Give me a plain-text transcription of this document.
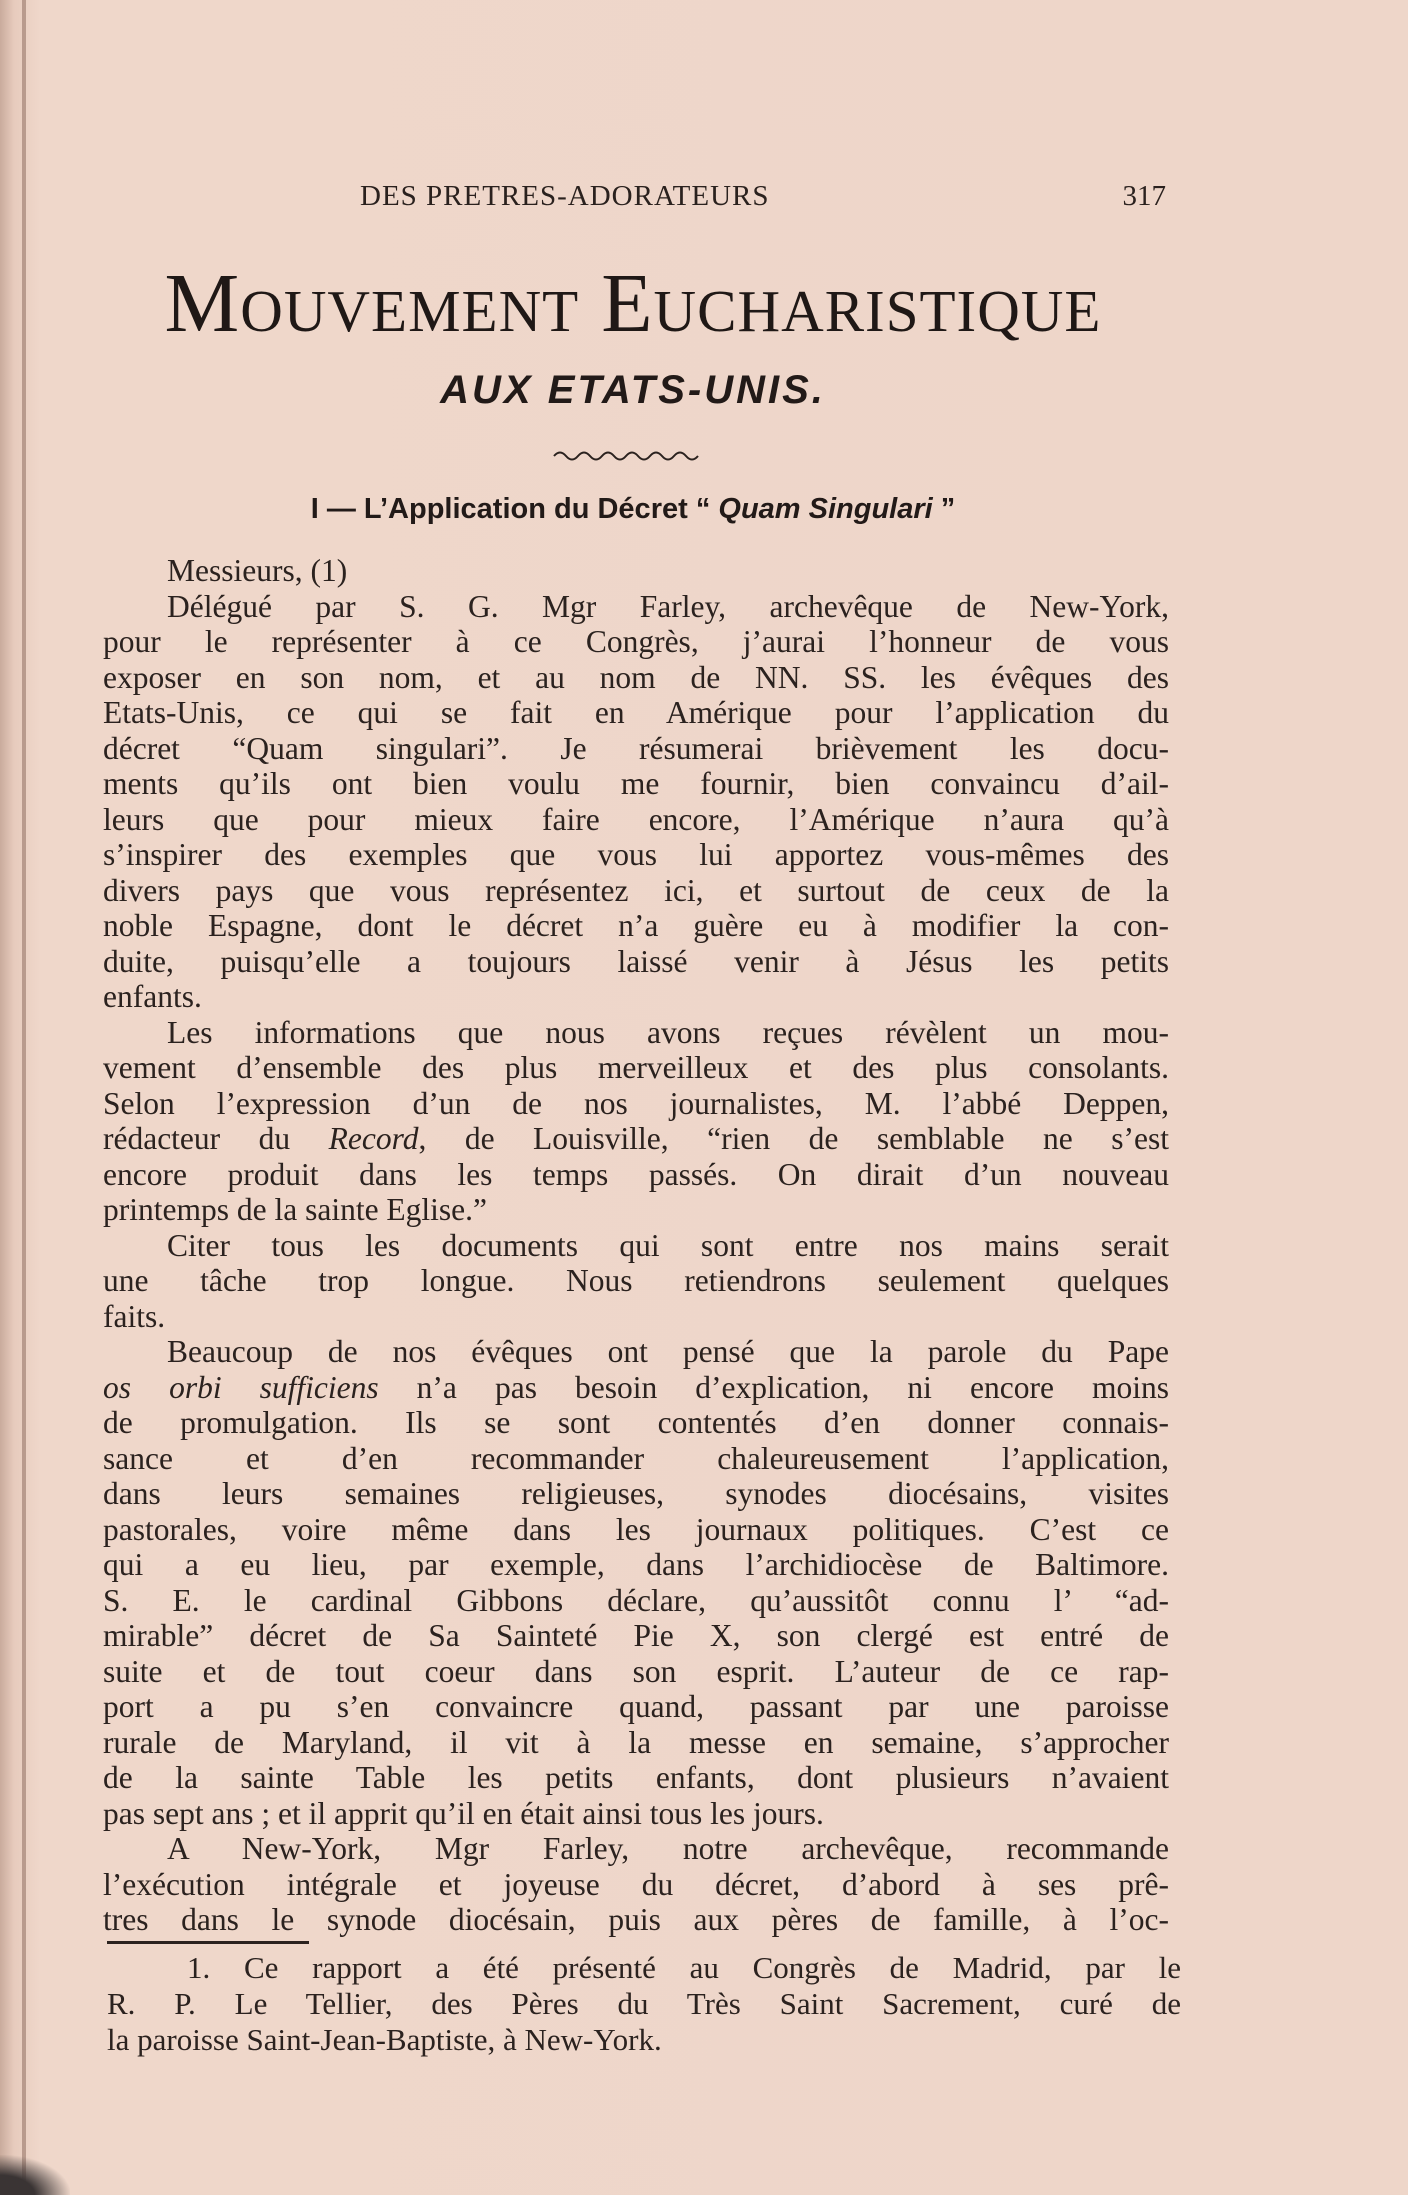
DES PRETRES-ADORATEURS	317
Mouvement Eucharistique
AUX ETATS-UNIS.
I — L’Application du Décret “ Quam Singulari ”
Messieurs, (1)
Délégué par S. G. Mgr Farley, archevêque de New-York,
pour le représenter à ce Congrès, j’aurai l’honneur de vous
exposer en son nom, et au nom de NN. SS. les évêques des
Etats-Unis, ce qui se fait en Amérique pour l’application du
décret “Quam singulari”. Je résumerai brièvement les docu-
ments qu’ils ont bien voulu me fournir, bien convaincu d’ail-
leurs que pour mieux faire encore, l’Amérique n’aura qu’à
s’inspirer des exemples que vous lui apportez vous-mêmes des
divers pays que vous représentez ici, et surtout de ceux de la
noble Espagne, dont le décret n’a guère eu à modifier la con-
duite, puisqu’elle a toujours laissé venir à Jésus les petits
enfants.
Les informations que nous avons reçues révèlent un mou-
vement d’ensemble des plus merveilleux et des plus consolants.
Selon l’expression d’un de nos journalistes, M. l’abbé Deppen,
rédacteur du Record, de Louisville, “rien de semblable ne s’est
encore produit dans les temps passés. On dirait d’un nouveau
printemps de la sainte Eglise.”
Citer tous les documents qui sont entre nos mains serait
une tâche trop longue. Nous retiendrons seulement quelques
faits.
Beaucoup de nos évêques ont pensé que la parole du Pape
os orbi sufficiens n’a pas besoin d’explication, ni encore moins
de promulgation. Ils se sont contentés d’en donner connais-
sance et d’en recommander chaleureusement l’application,
dans leurs semaines religieuses, synodes diocésains, visites
pastorales, voire même dans les journaux politiques. C’est ce
qui a eu lieu, par exemple, dans l’archidiocèse de Baltimore.
S. E. le cardinal Gibbons déclare, qu’aussitôt connu l’ “ad-
mirable” décret de Sa Sainteté Pie X, son clergé est entré de
suite et de tout coeur dans son esprit. L’auteur de ce rap-
port a pu s’en convaincre quand, passant par une paroisse
rurale de Maryland, il vit à la messe en semaine, s’approcher
de la sainte Table les petits enfants, dont plusieurs n’avaient
pas sept ans ; et il apprit qu’il en était ainsi tous les jours.
A New-York, Mgr Farley, notre archevêque, recommande
l’exécution intégrale et joyeuse du décret, d’abord à ses prê-
tres dans le synode diocésain, puis aux pères de famille, à l’oc-
1. Ce rapport a été présenté au Congrès de Madrid, par le
R. P. Le Tellier, des Pères du Très Saint Sacrement, curé de
la paroisse Saint-Jean-Baptiste, à New-York.
